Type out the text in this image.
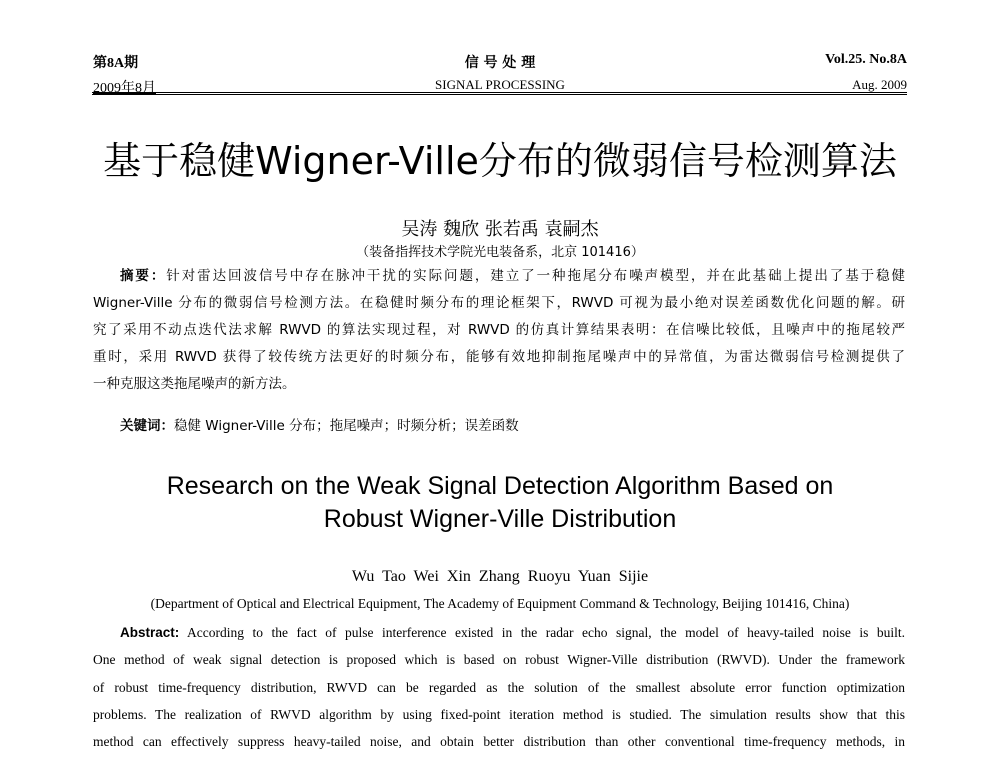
第8A期
2009年8月
信 号 处 理
SIGNAL PROCESSING
Vol.25. No.8A
Aug. 2009
基于稳健Wigner-Ville分布的微弱信号检测算法
吴涛 魏欣 张若禹 袁嗣杰
（装备指挥技术学院光电装备系，北京 101416）
摘要：针对雷达回波信号中存在脉冲干扰的实际问题，建立了一种拖尾分布噪声模型，并在此基础上提出了基于稳健
Wigner-Ville 分布的微弱信号检测方法。在稳健时频分布的理论框架下，RWVD 可视为最小绝对误差函数优化问题的解。研
究了采用不动点迭代法求解 RWVD 的算法实现过程，对 RWVD 的仿真计算结果表明：在信噪比较低，且噪声中的拖尾较严
重时，采用 RWVD 获得了较传统方法更好的时频分布，能够有效地抑制拖尾噪声中的异常值，为雷达微弱信号检测提供了
一种克服这类拖尾噪声的新方法。
关键词：稳健 Wigner-Ville 分布；拖尾噪声；时频分析；误差函数
Research on the Weak Signal Detection Algorithm Based on
Robust Wigner-Ville Distribution
Wu Tao Wei Xin Zhang Ruoyu Yuan Sijie
(Department of Optical and Electrical Equipment, The Academy of Equipment Command & Technology, Beijing 101416, China)
Abstract: According to the fact of pulse interference existed in the radar echo signal, the model of heavy-tailed noise is built.
One method of weak signal detection is proposed which is based on robust Wigner-Ville distribution (RWVD). Under the framework
of robust time-frequency distribution, RWVD can be regarded as the solution of the smallest absolute error function optimization
problems. The realization of RWVD algorithm by using fixed-point iteration method is studied. The simulation results show that this
method can effectively suppress heavy-tailed noise, and obtain better distribution than other conventional time-frequency methods, in
